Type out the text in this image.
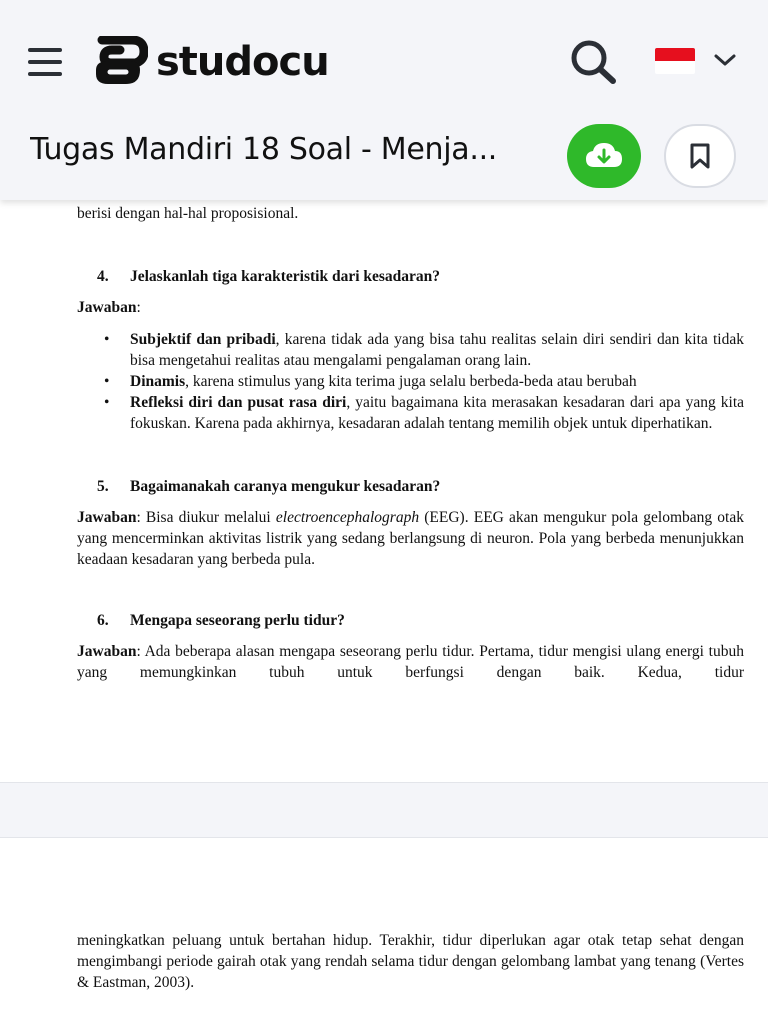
berisi dengan hal-hal proposisional.
4. Jelaskanlah tiga karakteristik dari kesadaran?
Jawaban:
• Subjektif dan pribadi, karena tidak ada yang bisa tahu realitas selain diri sendiri dan kita tidak bisa mengetahui realitas atau mengalami pengalaman orang lain.
• Dinamis, karena stimulus yang kita terima juga selalu berbeda-beda atau berubah
• Refleksi diri dan pusat rasa diri, yaitu bagaimana kita merasakan kesadaran dari apa yang kita fokuskan. Karena pada akhirnya, kesadaran adalah tentang memilih objek untuk diperhatikan.
5. Bagaimanakah caranya mengukur kesadaran?
Jawaban: Bisa diukur melalui electroencephalograph (EEG). EEG akan mengukur pola gelombang otak yang mencerminkan aktivitas listrik yang sedang berlangsung di neuron. Pola yang berbeda menunjukkan keadaan kesadaran yang berbeda pula.
6. Mengapa seseorang perlu tidur?
Jawaban: Ada beberapa alasan mengapa seseorang perlu tidur. Pertama, tidur mengisi ulang energi tubuh yang memungkinkan tubuh untuk berfungsi dengan baik. Kedua, tidur
meningkatkan peluang untuk bertahan hidup. Terakhir, tidur diperlukan agar otak tetap sehat dengan mengimbangi periode gairah otak yang rendah selama tidur dengan gelombang lambat yang tenang (Vertes & Eastman, 2003).
studocu
Tugas Mandiri 18 Soal - Menja...
